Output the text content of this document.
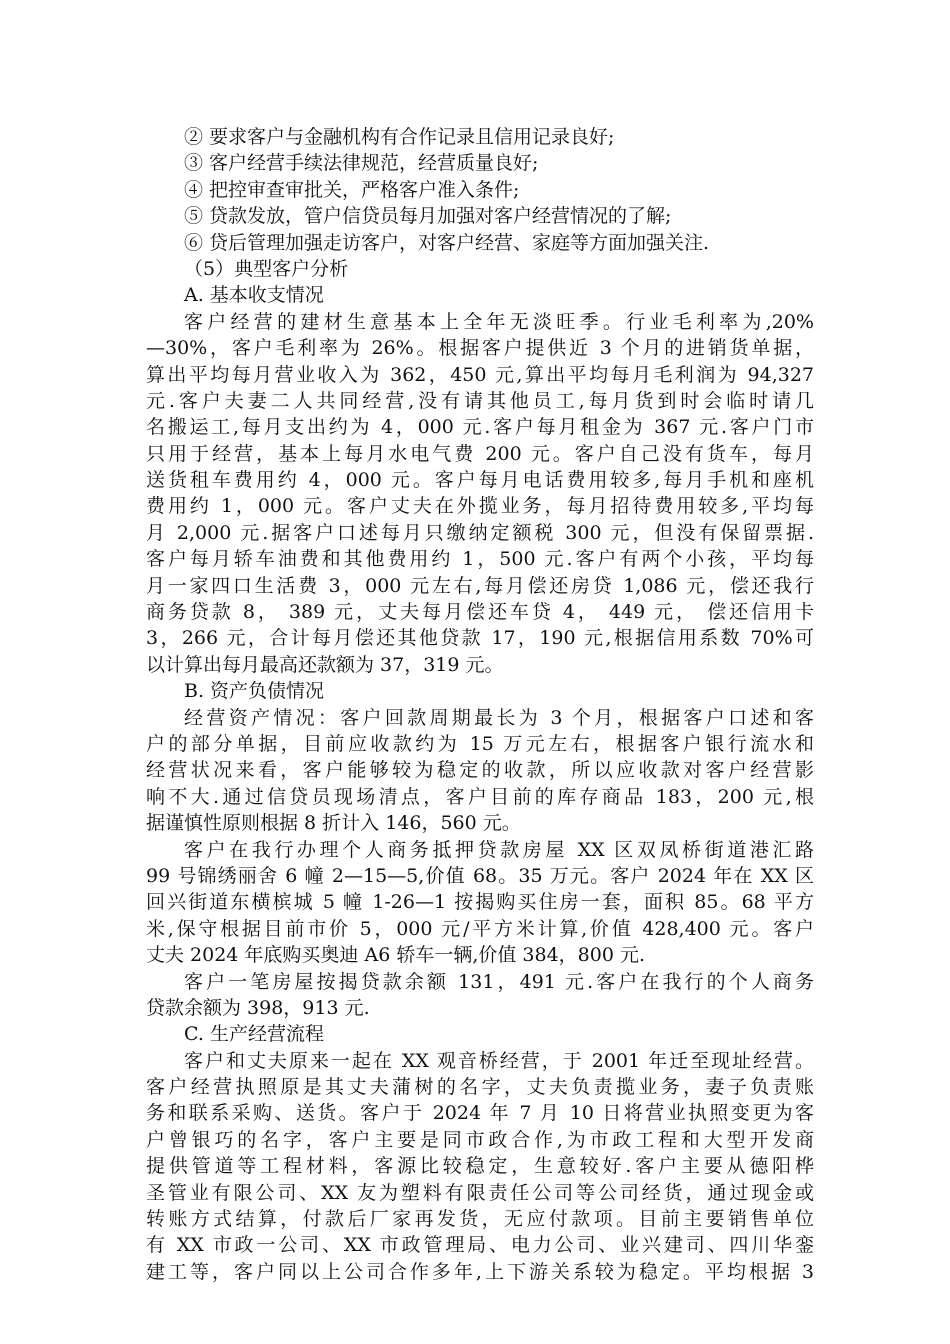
② 要求客户与金融机构有合作记录且信用记录良好;
③ 客户经营手续法律规范，经营质量良好;
④ 把控审查审批关，严格客户准入条件;
⑤ 贷款发放，管户信贷员每月加强对客户经营情况的了解;
⑥ 贷后管理加强走访客户，对客户经营、家庭等方面加强关注.
（5）典型客户分析
A. 基本收支情况
客户经营的建材生意基本上全年无淡旺季。行业毛利率为,20%
—30%，客户毛利率为 26%。根据客户提供近 3 个月的进销货单据，
算出平均每月营业收入为 362，450 元,算出平均每月毛利润为 94,327
元.客户夫妻二人共同经营,没有请其他员工,每月货到时会临时请几
名搬运工,每月支出约为 4，000 元.客户每月租金为 367 元.客户门市
只用于经营，基本上每月水电气费 200 元。客户自己没有货车，每月
送货租车费用约 4，000 元。客户每月电话费用较多,每月手机和座机
费用约 1，000 元。客户丈夫在外揽业务，每月招待费用较多,平均每
月 2,000 元.据客户口述每月只缴纳定额税 300 元，但没有保留票据.
客户每月轿车油费和其他费用约 1，500 元.客户有两个小孩，平均每
月一家四口生活费 3，000 元左右,每月偿还房贷 1,086 元，偿还我行
商务贷款 8， 389 元，丈夫每月偿还车贷 4， 449 元， 偿还信用卡
3，266 元，合计每月偿还其他贷款 17，190 元,根据信用系数 70%可
以计算出每月最高还款额为 37，319 元。
B. 资产负债情况
经营资产情况：客户回款周期最长为 3 个月，根据客户口述和客
户的部分单据，目前应收款约为 15 万元左右，根据客户银行流水和
经营状况来看，客户能够较为稳定的收款，所以应收款对客户经营影
响不大.通过信贷员现场清点，客户目前的库存商品 183，200 元,根
据谨慎性原则根据 8 折计入 146，560 元。
客户在我行办理个人商务抵押贷款房屋 XX 区双凤桥街道港汇路
99 号锦绣丽舍 6 幢 2—15—5,价值 68。35 万元。客户 2024 年在 XX 区
回兴街道东横槟城 5 幢 1-26—1 按揭购买住房一套，面积 85。68 平方
米,保守根据目前市价 5，000 元/平方米计算,价值 428,400 元。客户
丈夫 2024 年底购买奥迪 A6 轿车一辆,价值 384，800 元.
客户一笔房屋按揭贷款余额 131，491 元.客户在我行的个人商务
贷款余额为 398，913 元.
C. 生产经营流程
客户和丈夫原来一起在 XX 观音桥经营，于 2001 年迁至现址经营。
客户经营执照原是其丈夫蒲树的名字，丈夫负责揽业务，妻子负责账
务和联系采购、送货。客户于 2024 年 7 月 10 日将营业执照变更为客
户曾银巧的名字，客户主要是同市政合作,为市政工程和大型开发商
提供管道等工程材料，客源比较稳定，生意较好.客户主要从德阳桦
圣管业有限公司、XX 友为塑料有限责任公司等公司经货，通过现金或
转账方式结算，付款后厂家再发货，无应付款项。目前主要销售单位
有 XX 市政一公司、XX 市政管理局、电力公司、业兴建司、四川华銮
建工等，客户同以上公司合作多年,上下游关系较为稳定。平均根据 3
